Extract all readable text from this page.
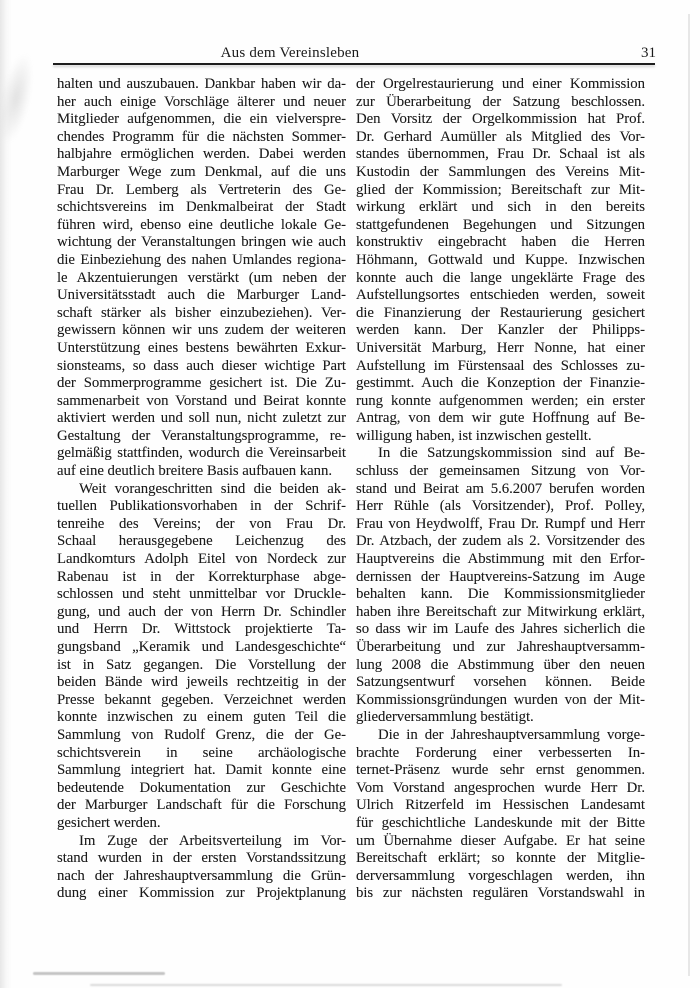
Aus dem Vereinsleben	31
halten und auszubauen. Dankbar haben wir da-
her auch einige Vorschläge älterer und neuer
Mitglieder aufgenommen, die ein vielverspre-
chendes Programm für die nächsten Sommer-
halbjahre ermöglichen werden. Dabei werden
Marburger Wege zum Denkmal, auf die uns
Frau Dr. Lemberg als Vertreterin des Ge-
schichtsvereins im Denkmalbeirat der Stadt
führen wird, ebenso eine deutliche lokale Ge-
wichtung der Veranstaltungen bringen wie auch
die Einbeziehung des nahen Umlandes regiona-
le Akzentuierungen verstärkt (um neben der
Universitätsstadt auch die Marburger Land-
schaft stärker als bisher einzubeziehen). Ver-
gewissern können wir uns zudem der weiteren
Unterstützung eines bestens bewährten Exkur-
sionsteams, so dass auch dieser wichtige Part
der Sommerprogramme gesichert ist. Die Zu-
sammenarbeit von Vorstand und Beirat konnte
aktiviert werden und soll nun, nicht zuletzt zur
Gestaltung der Veranstaltungsprogramme, re-
gelmäßig stattfinden, wodurch die Vereinsarbeit
auf eine deutlich breitere Basis aufbauen kann.
Weit vorangeschritten sind die beiden ak-
tuellen Publikationsvorhaben in der Schrif-
tenreihe des Vereins; der von Frau Dr.
Schaal herausgegebene Leichenzug des
Landkomturs Adolph Eitel von Nordeck zur
Rabenau ist in der Korrekturphase abge-
schlossen und steht unmittelbar vor Druckle-
gung, und auch der von Herrn Dr. Schindler
und Herrn Dr. Wittstock projektierte Ta-
gungsband „Keramik und Landesgeschichte“
ist in Satz gegangen. Die Vorstellung der
beiden Bände wird jeweils rechtzeitig in der
Presse bekannt gegeben. Verzeichnet werden
konnte inzwischen zu einem guten Teil die
Sammlung von Rudolf Grenz, die der Ge-
schichtsverein in seine archäologische
Sammlung integriert hat. Damit konnte eine
bedeutende Dokumentation zur Geschichte
der Marburger Landschaft für die Forschung
gesichert werden.
Im Zuge der Arbeitsverteilung im Vor-
stand wurden in der ersten Vorstandssitzung
nach der Jahreshauptversammlung die Grün-
dung einer Kommission zur Projektplanung
der Orgelrestaurierung und einer Kommission
zur Überarbeitung der Satzung beschlossen.
Den Vorsitz der Orgelkommission hat Prof.
Dr. Gerhard Aumüller als Mitglied des Vor-
standes übernommen, Frau Dr. Schaal ist als
Kustodin der Sammlungen des Vereins Mit-
glied der Kommission; Bereitschaft zur Mit-
wirkung erklärt und sich in den bereits
stattgefundenen Begehungen und Sitzungen
konstruktiv eingebracht haben die Herren
Höhmann, Gottwald und Kuppe. Inzwischen
konnte auch die lange ungeklärte Frage des
Aufstellungsortes entschieden werden, soweit
die Finanzierung der Restaurierung gesichert
werden kann. Der Kanzler der Philipps-
Universität Marburg, Herr Nonne, hat einer
Aufstellung im Fürstensaal des Schlosses zu-
gestimmt. Auch die Konzeption der Finanzie-
rung konnte aufgenommen werden; ein erster
Antrag, von dem wir gute Hoffnung auf Be-
willigung haben, ist inzwischen gestellt.
In die Satzungskommission sind auf Be-
schluss der gemeinsamen Sitzung von Vor-
stand und Beirat am 5.6.2007 berufen worden
Herr Rühle (als Vorsitzender), Prof. Polley,
Frau von Heydwolff, Frau Dr. Rumpf und Herr
Dr. Atzbach, der zudem als 2. Vorsitzender des
Hauptvereins die Abstimmung mit den Erfor-
dernissen der Hauptvereins-Satzung im Auge
behalten kann. Die Kommissionsmitglieder
haben ihre Bereitschaft zur Mitwirkung erklärt,
so dass wir im Laufe des Jahres sicherlich die
Überarbeitung und zur Jahreshauptversamm-
lung 2008 die Abstimmung über den neuen
Satzungsentwurf vorsehen können. Beide
Kommissionsgründungen wurden von der Mit-
gliederversammlung bestätigt.
Die in der Jahreshauptversammlung vorge-
brachte Forderung einer verbesserten In-
ternet-Präsenz wurde sehr ernst genommen.
Vom Vorstand angesprochen wurde Herr Dr.
Ulrich Ritzerfeld im Hessischen Landesamt
für geschichtliche Landeskunde mit der Bitte
um Übernahme dieser Aufgabe. Er hat seine
Bereitschaft erklärt; so konnte der Mitglie-
derversammlung vorgeschlagen werden, ihn
bis zur nächsten regulären Vorstandswahl in
